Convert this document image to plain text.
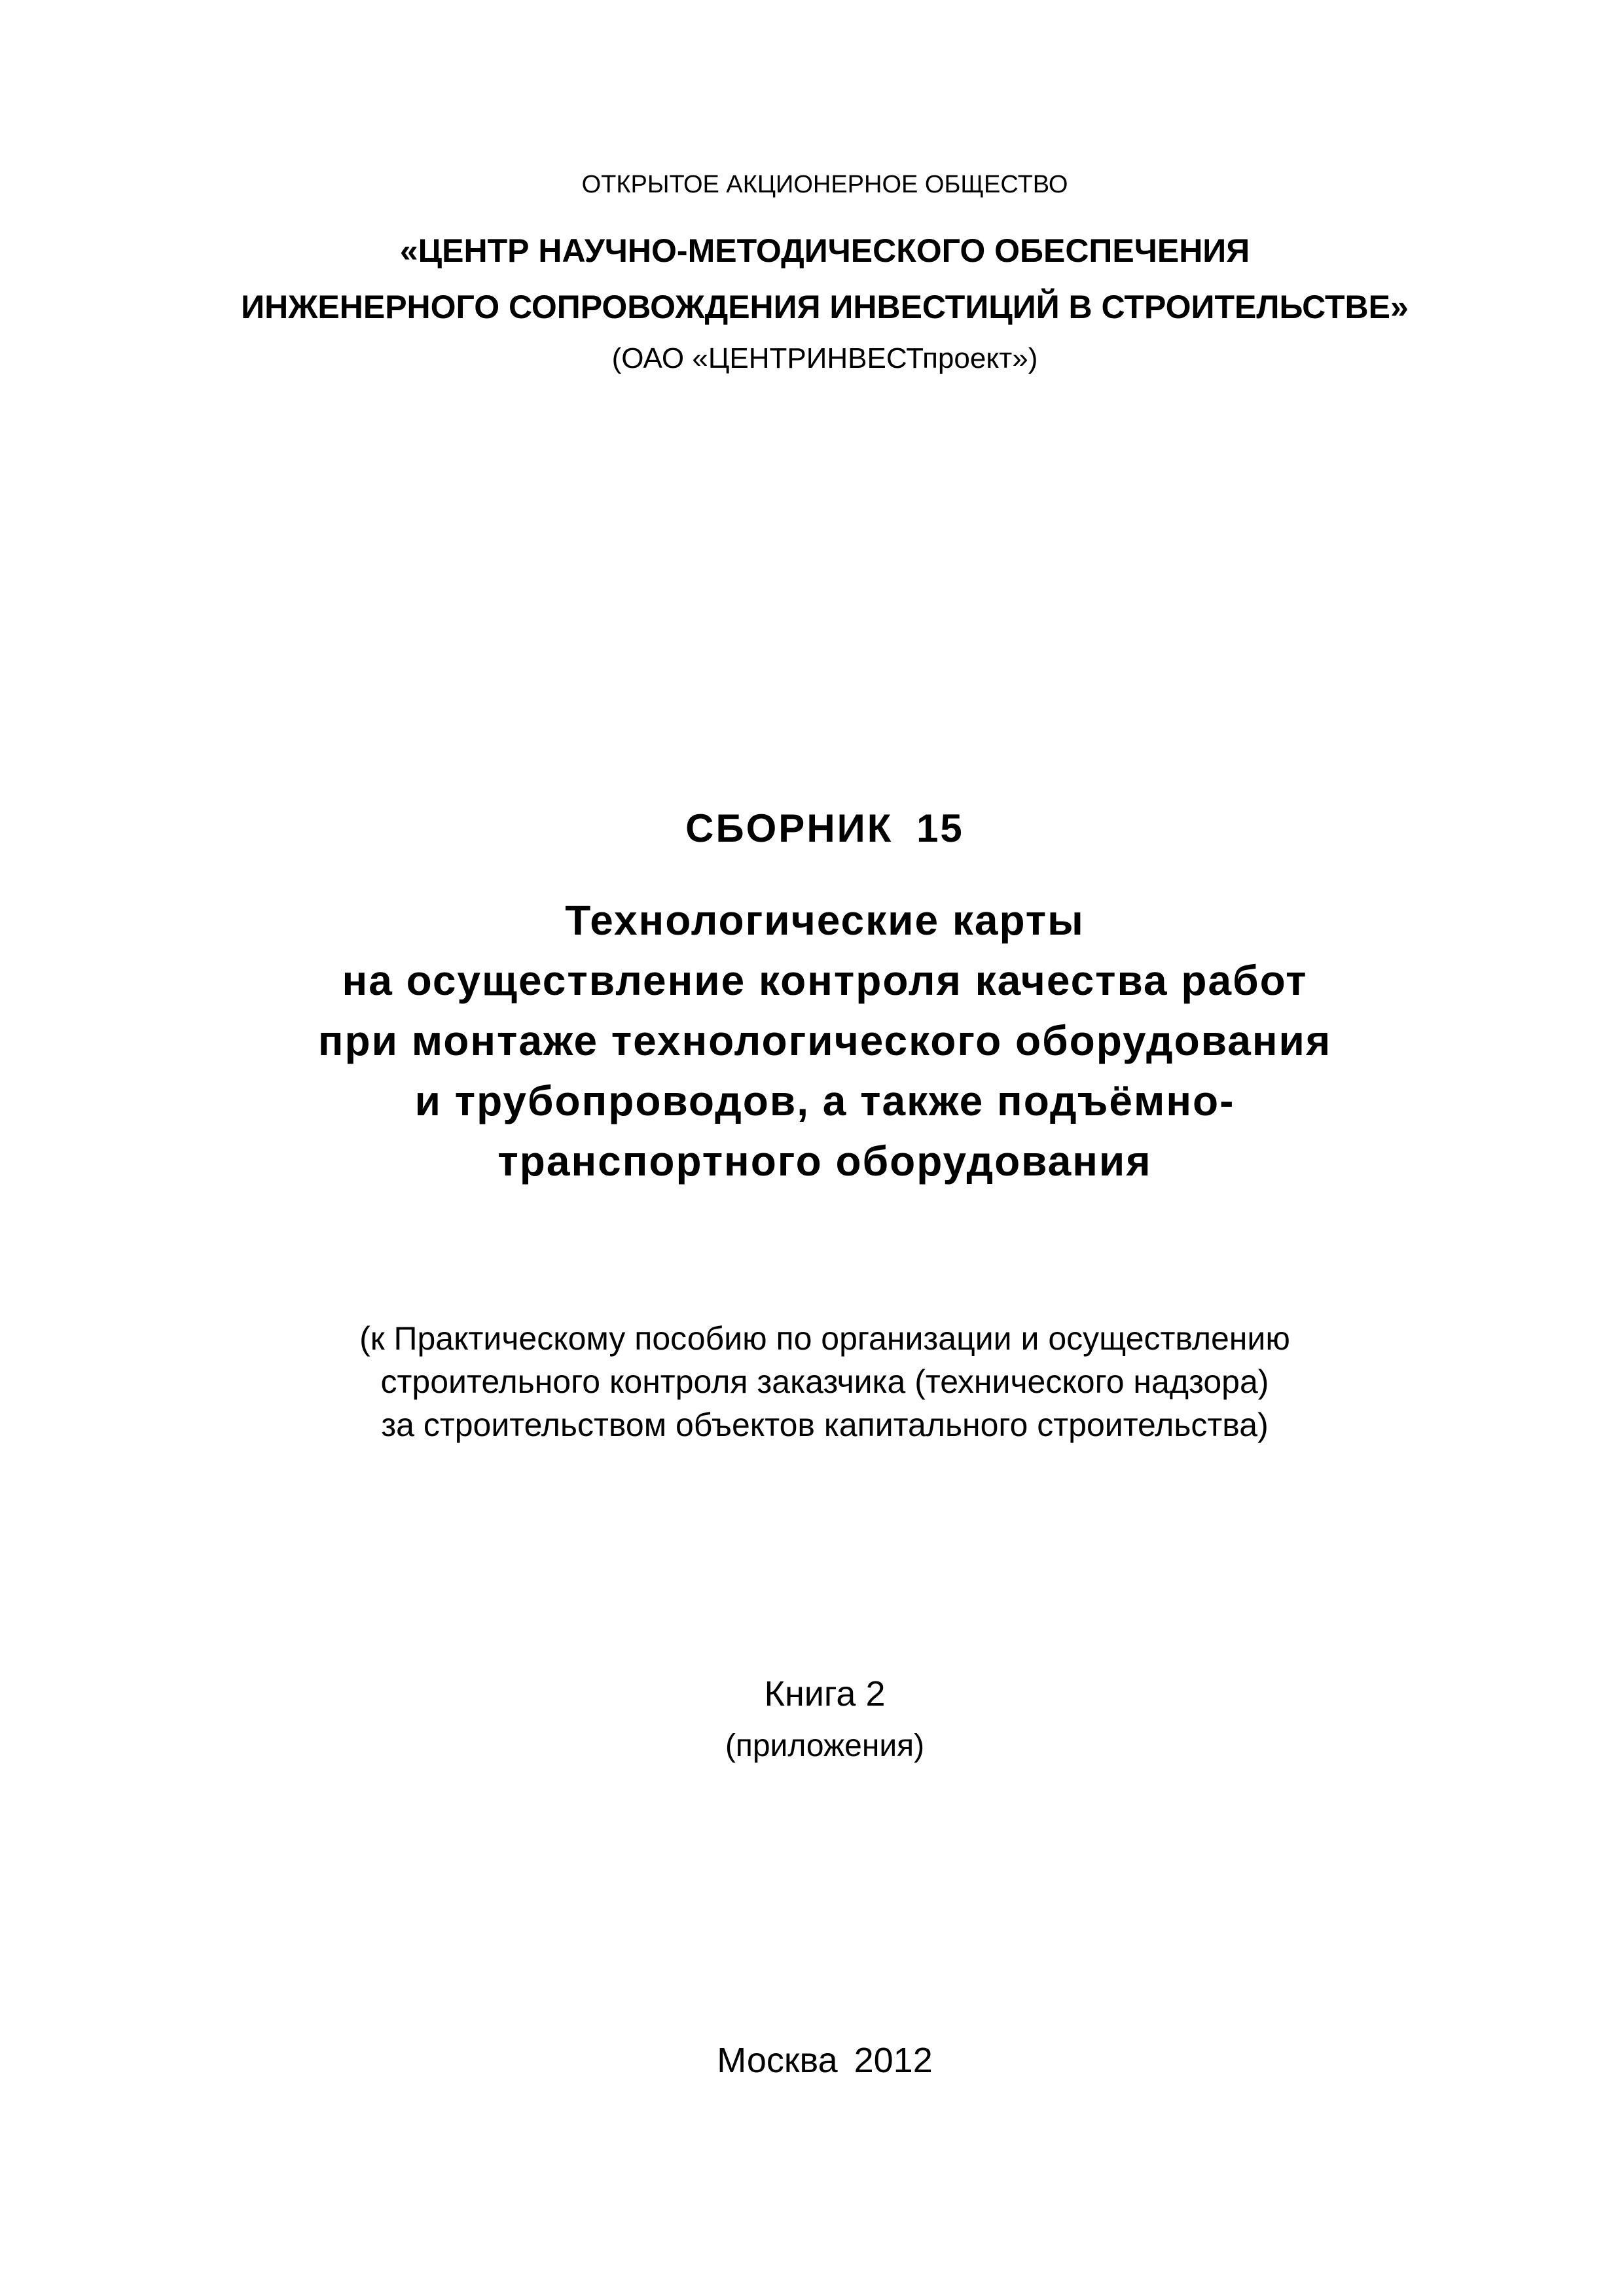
ОТКРЫТОЕ АКЦИОНЕРНОЕ ОБЩЕСТВО
«ЦЕНТР НАУЧНО-МЕТОДИЧЕСКОГО ОБЕСПЕЧЕНИЯ
ИНЖЕНЕРНОГО СОПРОВОЖДЕНИЯ ИНВЕСТИЦИЙ В СТРОИТЕЛЬСТВЕ»
(ОАО «ЦЕНТРИНВЕСТпроект»)
СБОРНИК 15
Технологические карты
на осуществление контроля качества работ
при монтаже технологического оборудования
и трубопроводов, а также подъёмно-
транспортного оборудования
(к Практическому пособию по организации и осуществлению
строительного контроля заказчика (технического надзора)
за строительством объектов капитального строительства)
Книга 2
(приложения)
Москва 2012
